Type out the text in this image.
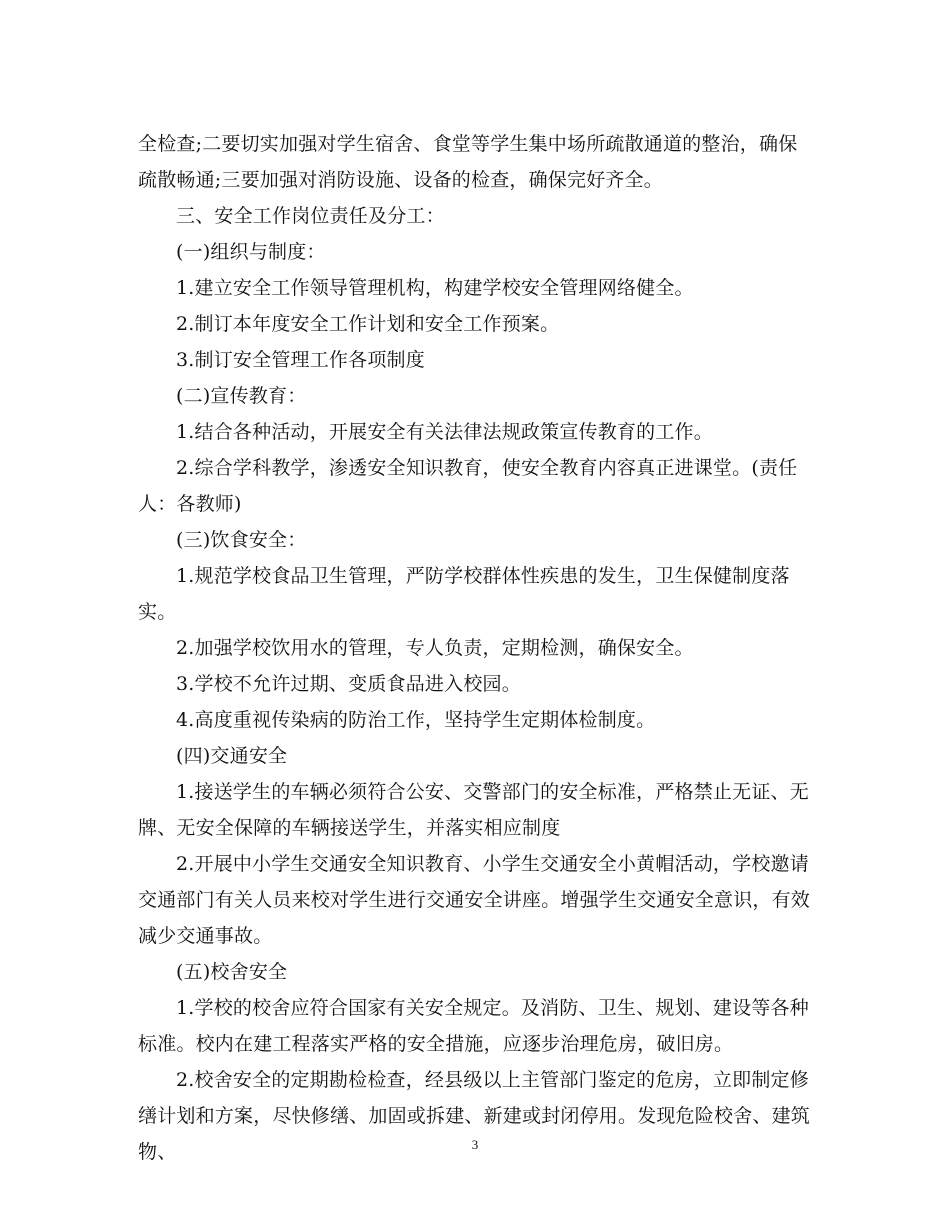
全检查;二要切实加强对学生宿舍、食堂等学生集中场所疏散通道的整治，确保疏散畅通;三要加强对消防设施、设备的检查，确保完好齐全。

三、安全工作岗位责任及分工：

(一)组织与制度：

1.建立安全工作领导管理机构，构建学校安全管理网络健全。

2.制订本年度安全工作计划和安全工作预案。

3.制订安全管理工作各项制度

(二)宣传教育：

1.结合各种活动，开展安全有关法律法规政策宣传教育的工作。

2.综合学科教学，渗透安全知识教育，使安全教育内容真正进课堂。(责任人：各教师)

(三)饮食安全：

1.规范学校食品卫生管理，严防学校群体性疾患的发生，卫生保健制度落实。

2.加强学校饮用水的管理，专人负责，定期检测，确保安全。

3.学校不允许过期、变质食品进入校园。

4.高度重视传染病的防治工作，坚持学生定期体检制度。

(四)交通安全

1.接送学生的车辆必须符合公安、交警部门的安全标准，严格禁止无证、无牌、无安全保障的车辆接送学生，并落实相应制度

2.开展中小学生交通安全知识教育、小学生交通安全小黄帽活动，学校邀请交通部门有关人员来校对学生进行交通安全讲座。增强学生交通安全意识，有效减少交通事故。

(五)校舍安全

1.学校的校舍应符合国家有关安全规定。及消防、卫生、规划、建设等各种标准。校内在建工程落实严格的安全措施，应逐步治理危房，破旧房。

2.校舍安全的定期勘检检查，经县级以上主管部门鉴定的危房，立即制定修缮计划和方案，尽快修缮、加固或拆建、新建或封闭停用。发现危险校舍、建筑物、	3
